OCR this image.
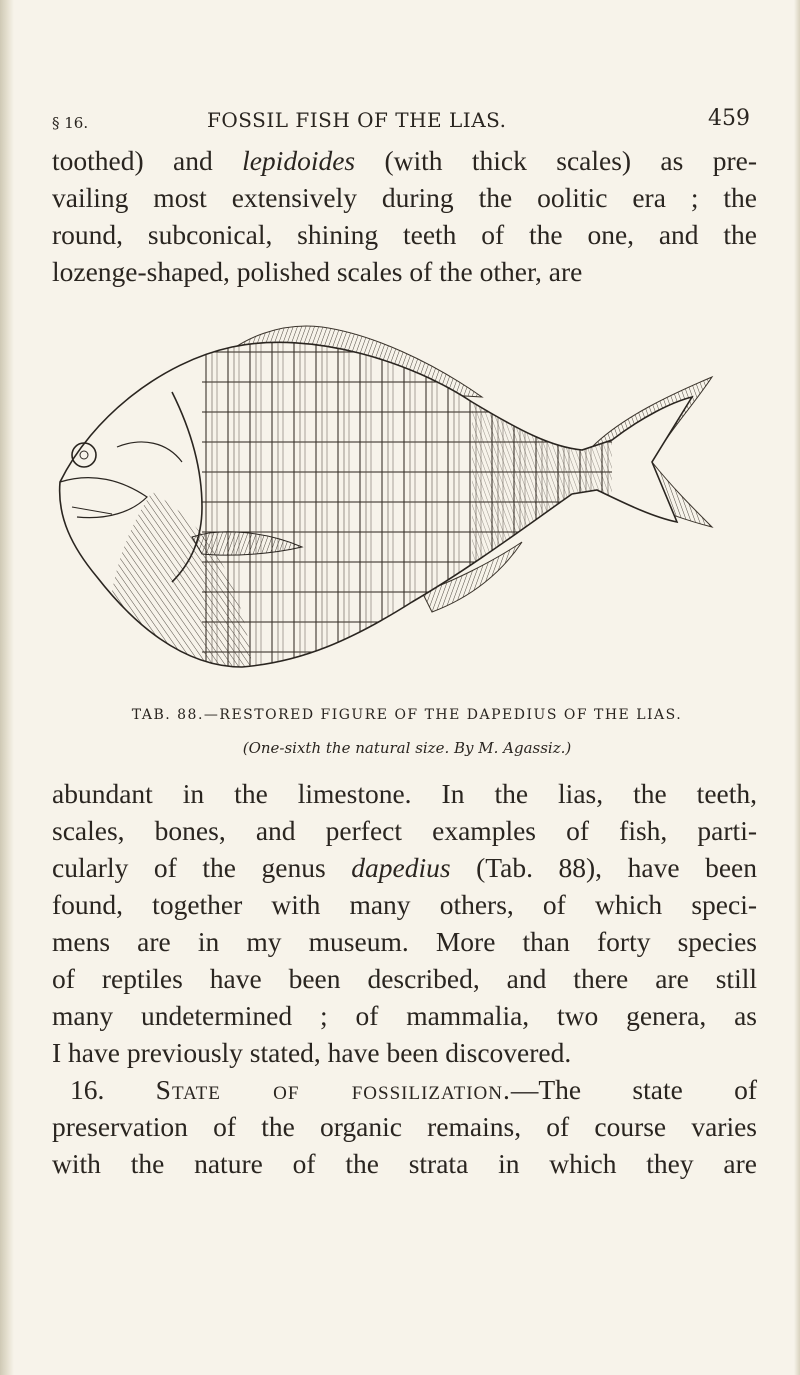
§ 16.	FOSSIL FISH OF THE LIAS.	459
toothed) and lepidoides (with thick scales) as pre-
vailing most extensively during the oolitic era ; the
round, subconical, shining teeth of the one, and the
lozenge-shaped, polished scales of the other, are
TAB. 88.—RESTORED FIGURE OF THE DAPEDIUS OF THE LIAS.
(One-sixth the natural size. By M. Agassiz.)
abundant in the limestone. In the lias, the teeth,
scales, bones, and perfect examples of fish, parti-
cularly of the genus dapedius (Tab. 88), have been
found, together with many others, of which speci-
mens are in my museum. More than forty species
of reptiles have been described, and there are still
many undetermined ; of mammalia, two genera, as
I have previously stated, have been discovered.
16. State of fossilization.—The state of
preservation of the organic remains, of course varies
with the nature of the strata in which they are
